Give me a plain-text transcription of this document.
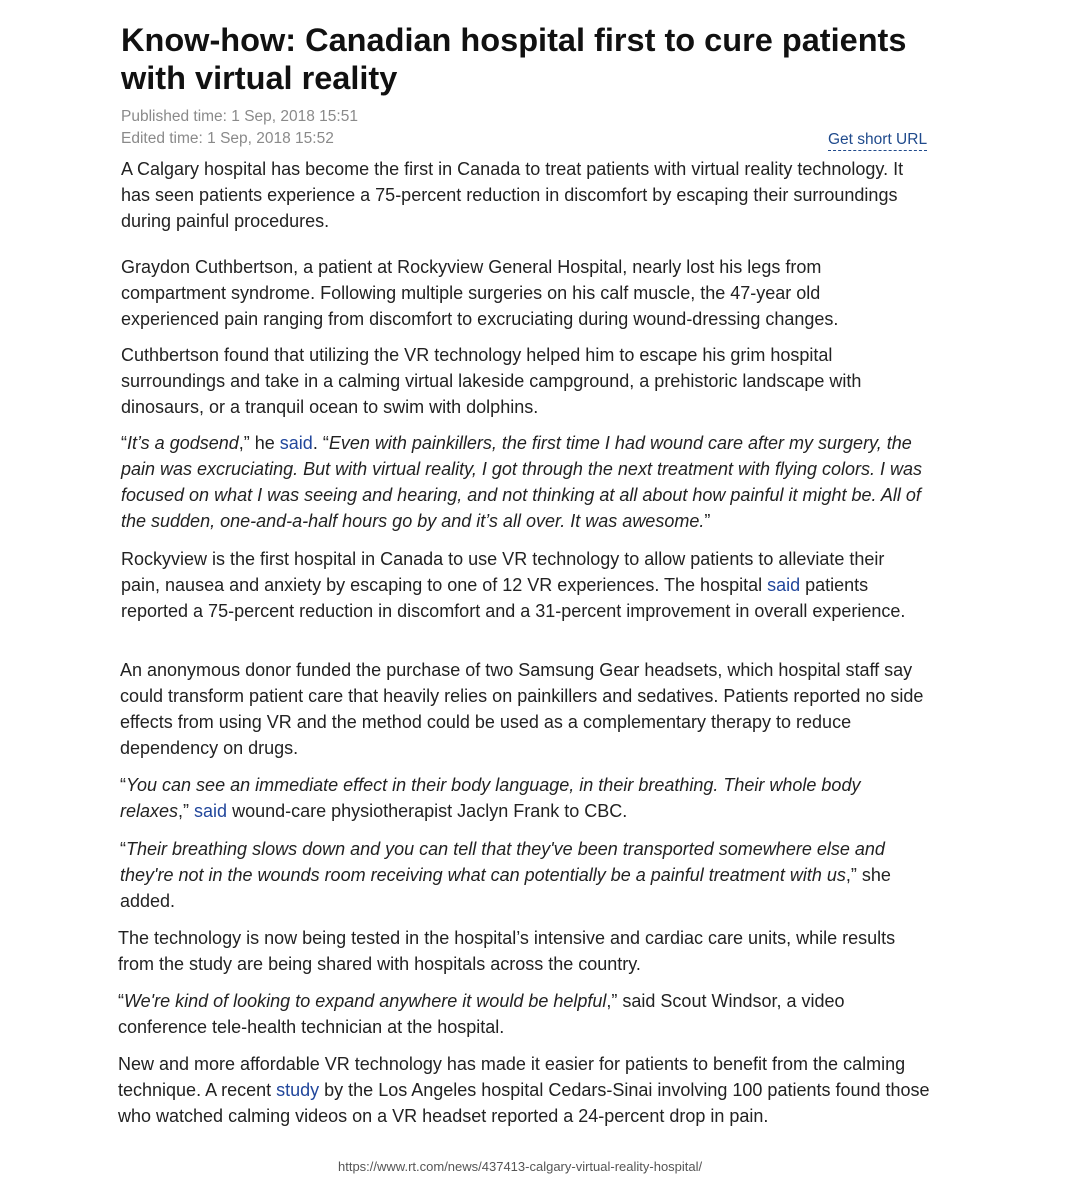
Know-how: Canadian hospital first to cure patients with virtual reality
Published time: 1 Sep, 2018 15:51
Edited time: 1 Sep, 2018 15:52	Get short URL

A Calgary hospital has become the first in Canada to treat patients with virtual reality technology. It has seen patients experience a 75-percent reduction in discomfort by escaping their surroundings during painful procedures.

Graydon Cuthbertson, a patient at Rockyview General Hospital, nearly lost his legs from compartment syndrome. Following multiple surgeries on his calf muscle, the 47-year old experienced pain ranging from discomfort to excruciating during wound-dressing changes.

Cuthbertson found that utilizing the VR technology helped him to escape his grim hospital surroundings and take in a calming virtual lakeside campground, a prehistoric landscape with dinosaurs, or a tranquil ocean to swim with dolphins.

“It’s a godsend,” he said. “Even with painkillers, the first time I had wound care after my surgery, the pain was excruciating. But with virtual reality, I got through the next treatment with flying colors. I was focused on what I was seeing and hearing, and not thinking at all about how painful it might be. All of the sudden, one-and-a-half hours go by and it’s all over. It was awesome.”

Rockyview is the first hospital in Canada to use VR technology to allow patients to alleviate their pain, nausea and anxiety by escaping to one of 12 VR experiences. The hospital said patients reported a 75-percent reduction in discomfort and a 31-percent improvement in overall experience.

An anonymous donor funded the purchase of two Samsung Gear headsets, which hospital staff say could transform patient care that heavily relies on painkillers and sedatives. Patients reported no side effects from using VR and the method could be used as a complementary therapy to reduce dependency on drugs.

“You can see an immediate effect in their body language, in their breathing. Their whole body relaxes,” said wound-care physiotherapist Jaclyn Frank to CBC.

“Their breathing slows down and you can tell that they've been transported somewhere else and they're not in the wounds room receiving what can potentially be a painful treatment with us,” she added.

The technology is now being tested in the hospital’s intensive and cardiac care units, while results from the study are being shared with hospitals across the country.

“We're kind of looking to expand anywhere it would be helpful,” said Scout Windsor, a video conference tele-health technician at the hospital.

New and more affordable VR technology has made it easier for patients to benefit from the calming technique. A recent study by the Los Angeles hospital Cedars-Sinai involving 100 patients found those who watched calming videos on a VR headset reported a 24-percent drop in pain.

https://www.rt.com/news/437413-calgary-virtual-reality-hospital/
